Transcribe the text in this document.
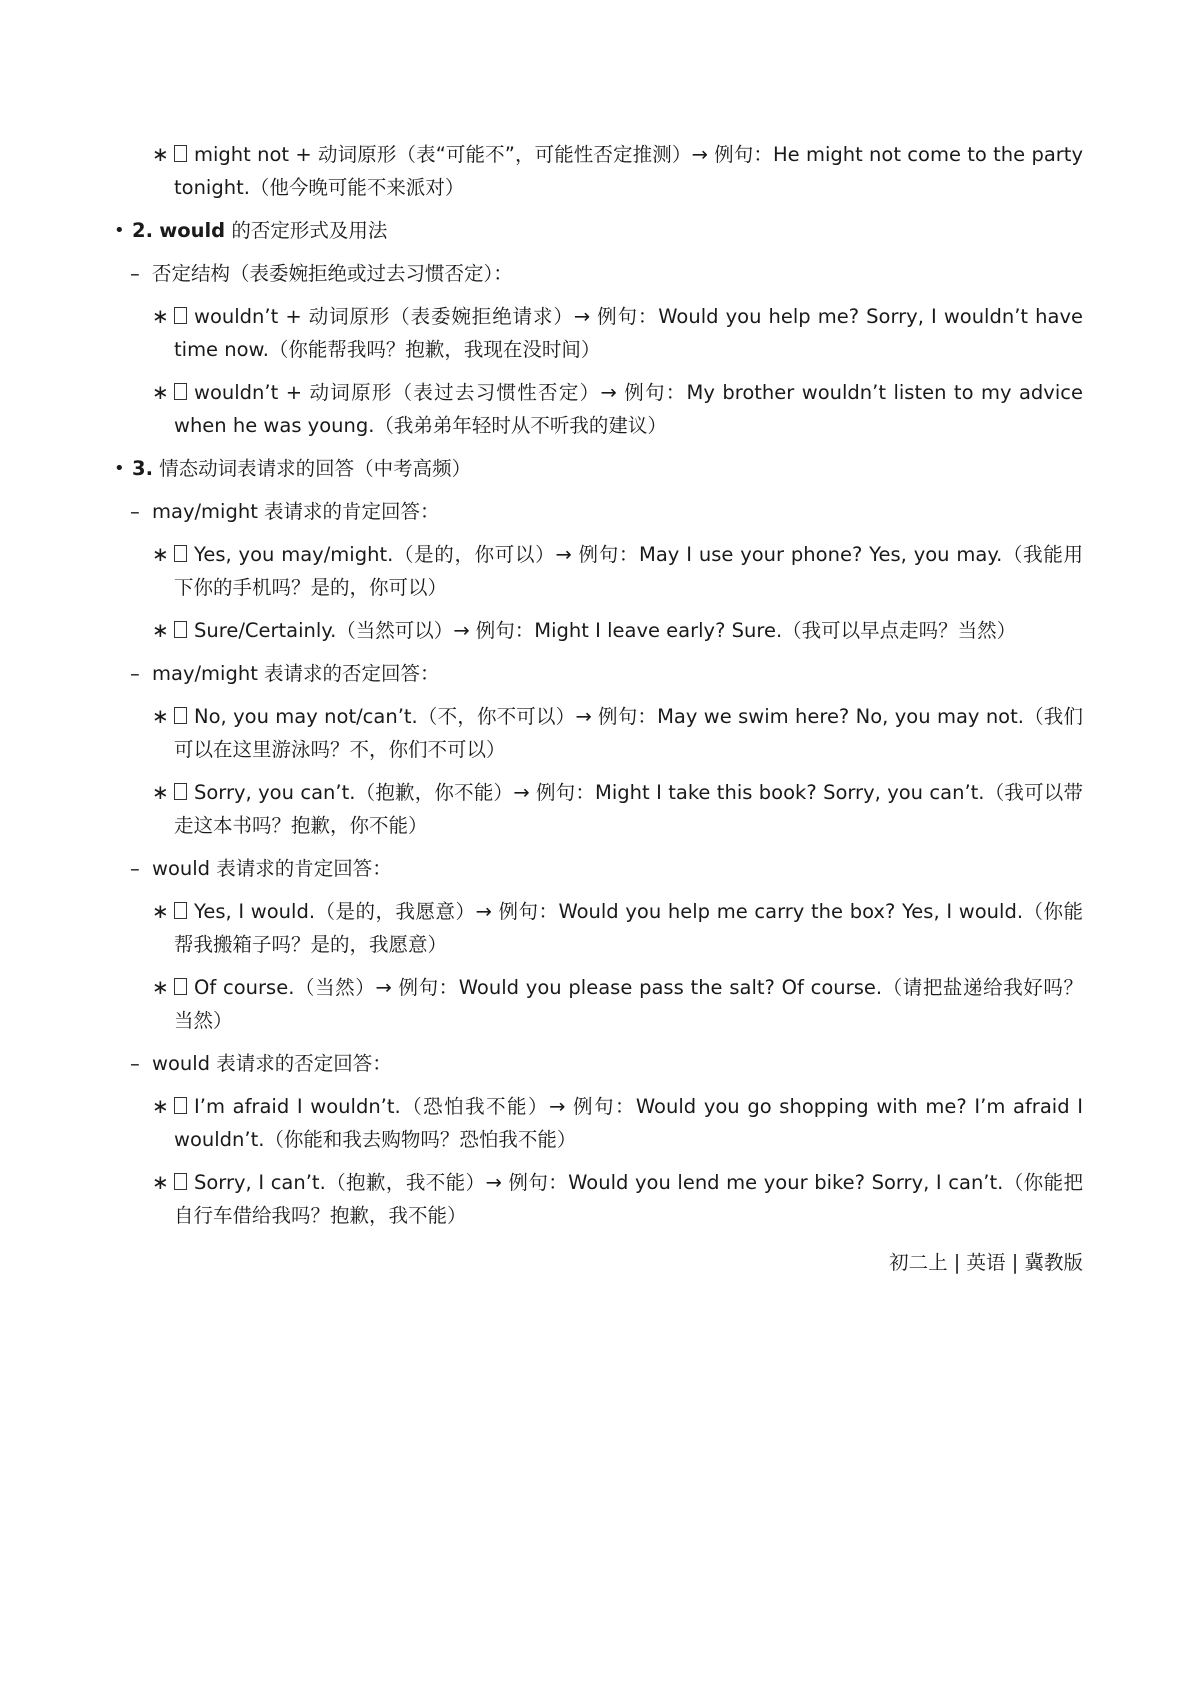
∗ might not + 动词原形（表“可能不”，可能性否定推测）→ 例句：He might not come to the party tonight.（他今晚可能不来派对）
• 2. would 的否定形式及用法
– 否定结构（表委婉拒绝或过去习惯否定）：
∗ wouldn’t + 动词原形（表委婉拒绝请求）→ 例句：Would you help me? Sorry, I wouldn’t have time now.（你能帮我吗？抱歉，我现在没时间）
∗ wouldn’t + 动词原形（表过去习惯性否定）→ 例句：My brother wouldn’t listen to my advice when he was young.（我弟弟年轻时从不听我的建议）
• 3. 情态动词表请求的回答（中考高频）
– may/might 表请求的肯定回答：
∗ Yes, you may/might.（是的，你可以）→ 例句：May I use your phone? Yes, you may.（我能用下你的手机吗？是的，你可以）
∗ Sure/Certainly.（当然可以）→ 例句：Might I leave early? Sure.（我可以早点走吗？当然）
– may/might 表请求的否定回答：
∗ No, you may not/can’t.（不，你不可以）→ 例句：May we swim here? No, you may not.（我们可以在这里游泳吗？不，你们不可以）
∗ Sorry, you can’t.（抱歉，你不能）→ 例句：Might I take this book? Sorry, you can’t.（我可以带走这本书吗？抱歉，你不能）
– would 表请求的肯定回答：
∗ Yes, I would.（是的，我愿意）→ 例句：Would you help me carry the box? Yes, I would.（你能帮我搬箱子吗？是的，我愿意）
∗ Of course.（当然）→ 例句：Would you please pass the salt? Of course.（请把盐递给我好吗？当然）
– would 表请求的否定回答：
∗ I’m afraid I wouldn’t.（恐怕我不能）→ 例句：Would you go shopping with me? I’m afraid I wouldn’t.（你能和我去购物吗？恐怕我不能）
∗ Sorry, I can’t.（抱歉，我不能）→ 例句：Would you lend me your bike? Sorry, I can’t.（你能把自行车借给我吗？抱歉，我不能）
初二上 | 英语 | 冀教版
